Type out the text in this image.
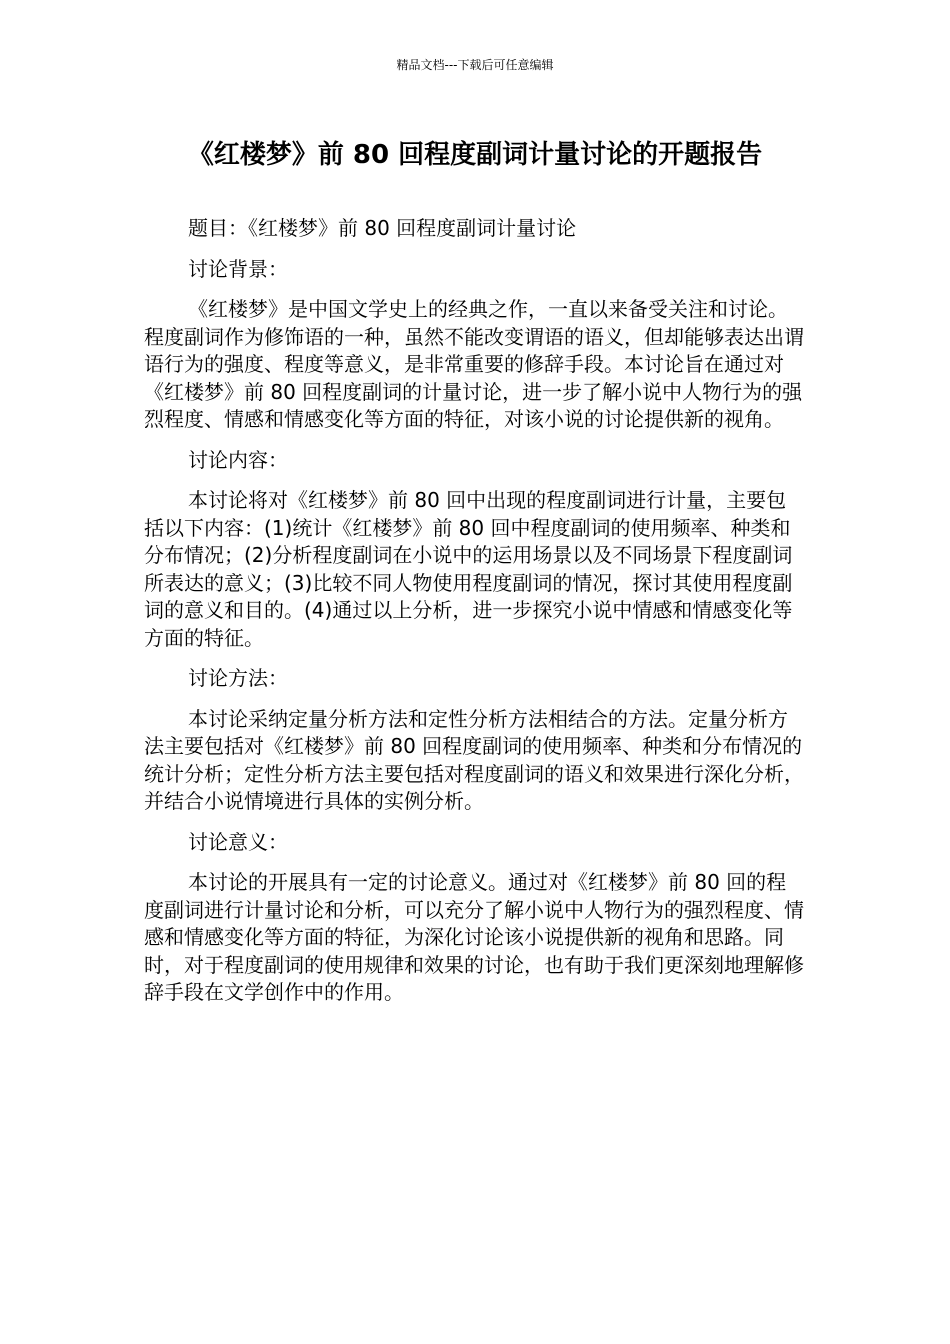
精品文档---下载后可任意编辑
《红楼梦》前 80 回程度副词计量讨论的开题报告

题目：《红楼梦》前 80 回程度副词计量讨论

讨论背景：

《红楼梦》是中国文学史上的经典之作，一直以来备受关注和讨论。程度副词作为修饰语的一种，虽然不能改变谓语的语义，但却能够表达出谓语行为的强度、程度等意义，是非常重要的修辞手段。本讨论旨在通过对《红楼梦》前 80 回程度副词的计量讨论，进一步了解小说中人物行为的强烈程度、情感和情感变化等方面的特征，对该小说的讨论提供新的视角。

讨论内容：

本讨论将对《红楼梦》前 80 回中出现的程度副词进行计量，主要包括以下内容：(1)统计《红楼梦》前 80 回中程度副词的使用频率、种类和分布情况；(2)分析程度副词在小说中的运用场景以及不同场景下程度副词所表达的意义；(3)比较不同人物使用程度副词的情况，探讨其使用程度副词的意义和目的。(4)通过以上分析，进一步探究小说中情感和情感变化等方面的特征。

讨论方法：

本讨论采纳定量分析方法和定性分析方法相结合的方法。定量分析方法主要包括对《红楼梦》前 80 回程度副词的使用频率、种类和分布情况的统计分析；定性分析方法主要包括对程度副词的语义和效果进行深化分析，并结合小说情境进行具体的实例分析。

讨论意义：

本讨论的开展具有一定的讨论意义。通过对《红楼梦》前 80 回的程度副词进行计量讨论和分析，可以充分了解小说中人物行为的强烈程度、情感和情感变化等方面的特征，为深化讨论该小说提供新的视角和思路。同时，对于程度副词的使用规律和效果的讨论，也有助于我们更深刻地理解修辞手段在文学创作中的作用。
